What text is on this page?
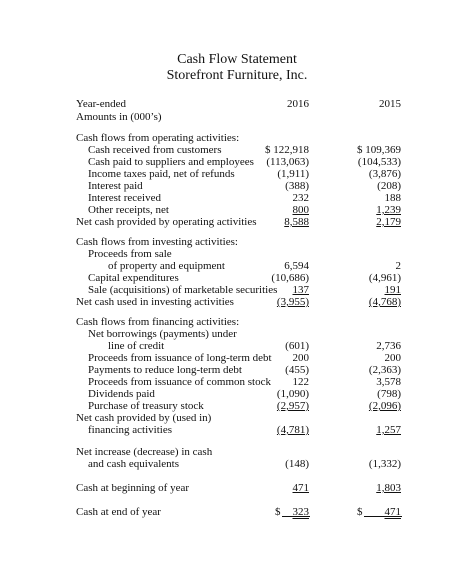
Cash Flow Statement
Storefront Furniture, Inc.
Year-ended
Amounts in (000’s)
2016	2015
Cash flows from operating activities:
Cash received from customers	$ 122,918	$ 109,369
Cash paid to suppliers and employees (113,063)	(104,533)
Income taxes paid, net of refunds	(1,911)	(3,876)
Interest paid	(388)	(208)
Interest received	232	188
Other receipts, net	800	1,239
Net cash provided by operating activities	8,588	2,179
Cash flows from investing activities:
Proceeds from sale
of property and equipment	6,594	2
Capital expenditures	(10,686)	(4,961)
Sale (acquisitions) of marketable securities 137	191
Net cash used in investing activities	(3,955)	(4,768)
Cash flows from financing activities:
Net borrowings (payments) under
line of credit	(601)	2,736
Proceeds from issuance of long-term debt 200	200
Payments to reduce long-term debt	(455)	(2,363)
Proceeds from issuance of common stock 122	3,578
Dividends paid	(1,090)	(798)
Purchase of treasury stock	(2,957)	(2,096)
Net cash provided by (used in)
financing activities	(4,781)	1,257
Net increase (decrease) in cash
and cash equivalents	(148)	(1,332)
Cash at beginning of year	471	1,803
Cash at end of year	$ 323	$ 471
